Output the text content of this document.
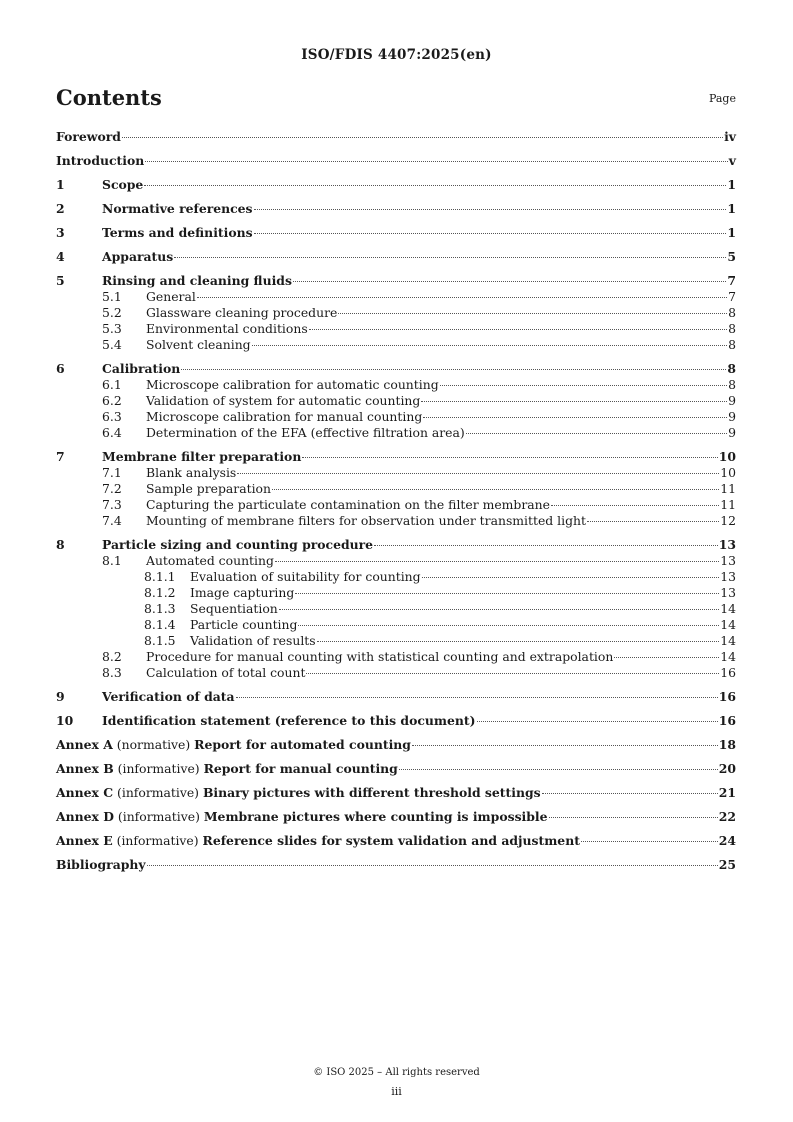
ISO/FDIS 4407:2025(en)
Contents	Page
Foreword	iv
Introduction	v
1	Scope	1
2	Normative references	1
3	Terms and definitions	1
4	Apparatus	5
5	Rinsing and cleaning fluids	7
5.1	General	7
5.2	Glassware cleaning procedure	8
5.3	Environmental conditions	8
5.4	Solvent cleaning	8
6	Calibration	8
6.1	Microscope calibration for automatic counting	8
6.2	Validation of system for automatic counting	9
6.3	Microscope calibration for manual counting	9
6.4	Determination of the EFA (effective filtration area)	9
7	Membrane filter preparation	10
7.1	Blank analysis	10
7.2	Sample preparation	11
7.3	Capturing the particulate contamination on the filter membrane	11
7.4	Mounting of membrane filters for observation under transmitted light	12
8	Particle sizing and counting procedure	13
8.1	Automated counting	13
8.1.1	Evaluation of suitability for counting	13
8.1.2	Image capturing	13
8.1.3	Sequentiation	14
8.1.4	Particle counting	14
8.1.5	Validation of results	14
8.2	Procedure for manual counting with statistical counting and extrapolation	14
8.3	Calculation of total count	16
9	Verification of data	16
10	Identification statement (reference to this document)	16
Annex A (normative) Report for automated counting	18
Annex B (informative) Report for manual counting	20
Annex C (informative) Binary pictures with different threshold settings	21
Annex D (informative) Membrane pictures where counting is impossible	22
Annex E (informative) Reference slides for system validation and adjustment	24
Bibliography	25
© ISO 2025 – All rights reserved
iii
